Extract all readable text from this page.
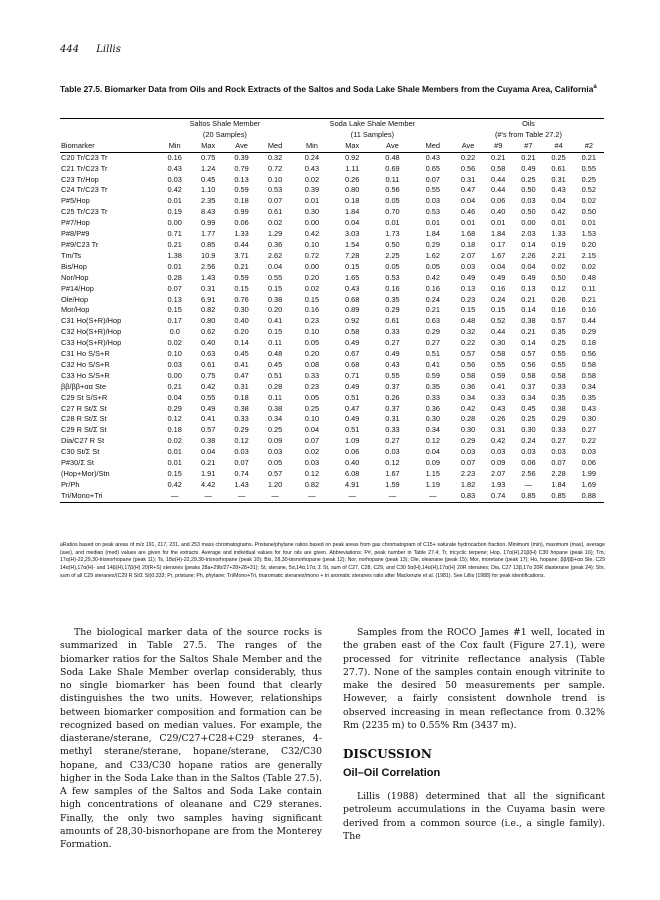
444 Lillis
Table 27.5. Biomarker Data from Oils and Rock Extracts of the Saltos and Soda Lake Shale Members from the Cuyama Area, California$^a$
	Saltos Shale Member				Soda Lake Shale Member				Oils				
	(20 Samples)				(11 Samples)				(#'s from Table 27.2)				
Biomarker	Min	Max	Ave	Med	Min	Max	Ave	Med	Ave	#9	#7	#4	#2
C20 Tr/C23 Tr	0.16	0.75	0.39	0.32	0.24	0.92	0.48	0.43	0.22	0.21	0.21	0.25	0.21
C21 Tr/C23 Tr	0.43	1.24	0.79	0.72	0.43	1.11	0.69	0.65	0.56	0.58	0.49	0.61	0.55
C23 Tr/Hop	0.03	0.45	0.13	0.10	0.02	0.26	0.11	0.07	0.31	0.44	0.25	0.31	0.25
C24 Tr/C23 Tr	0.42	1.10	0.59	0.53	0.39	0.80	0.56	0.55	0.47	0.44	0.50	0.43	0.52
P#5/Hop	0.01	2.35	0.18	0.07	0.01	0.18	0.05	0.03	0.04	0.06	0.03	0.04	0.02
C25 Tr/C23 Tr	0.19	8.43	0.99	0.61	0.30	1.84	0.70	0.53	0.46	0.40	0.50	0.42	0.50
P#7/Hop	0.00	0.99	0.06	0.02	0.00	0.04	0.01	0.01	0.01	0.01	0.00	0.01	0.01
P#8/P#9	0.71	1.77	1.33	1.29	0.42	3.03	1.73	1.84	1.68	1.84	2.03	1.33	1.53
P#9/C23 Tr	0.21	0.85	0.44	0.36	0.10	1.54	0.50	0.29	0.18	0.17	0.14	0.19	0.20
Tm/Ts	1.38	10.9	3.71	2.62	0.72	7.28	2.25	1.62	2.07	1.67	2.26	2.21	2.15
Bis/Hop	0.01	2.56	0.21	0.04	0.00	0.15	0.05	0.05	0.03	0.04	0.04	0.02	0.02
Nor/Hop	0.28	1.43	0.59	0.55	0.20	1.65	0.53	0.42	0.49	0.49	0.49	0.50	0.48
P#14/Hop	0.07	0.31	0.15	0.15	0.02	0.43	0.16	0.16	0.13	0.16	0.13	0.12	0.11
Ole/Hop	0.13	6.91	0.76	0.38	0.15	0.68	0.35	0.24	0.23	0.24	0.21	0.26	0.21
Mor/Hop	0.15	0.82	0.30	0.20	0.16	0.89	0.29	0.21	0.15	0.15	0.14	0.16	0.16
C31 Ho(S+R)/Hop	0.17	0.80	0.40	0.41	0.23	0.92	0.61	0.63	0.48	0.52	0.38	0.57	0.44
C32 Ho(S+R)/Hop	0.0	0.62	0.20	0.15	0.10	0.58	0.33	0.29	0.32	0.44	0.21	0.35	0.29
C33 Ho(S+R)/Hop	0.02	0.40	0.14	0.11	0.05	0.49	0.27	0.27	0.22	0.30	0.14	0.25	0.18
C31 Ho S/S+R	0.10	0.63	0.45	0.48	0.20	0.67	0.49	0.51	0.57	0.58	0.57	0.55	0.56
C32 Ho S/S+R	0.03	0.61	0.41	0.45	0.08	0.68	0.43	0.41	0.56	0.55	0.56	0.55	0.58
C33 Ho S/S+R	0.00	0.75	0.47	0.51	0.33	0.71	0.55	0.59	0.58	0.59	0.58	0.58	0.58
ββ/ββ+αα Ste	0.21	0.42	0.31	0.28	0.23	0.49	0.37	0.35	0.36	0.41	0.37	0.33	0.34
C29 St S/S+R	0.04	0.55	0.18	0.11	0.05	0.51	0.26	0.33	0.34	0.33	0.34	0.35	0.35
C27 R St/Σ St	0.29	0.49	0.38	0.38	0.25	0.47	0.37	0.36	0.42	0.43	0.45	0.38	0.43
C28 R St/Σ St	0.12	0.41	0.33	0.34	0.10	0.49	0.31	0.30	0.28	0.26	0.25	0.29	0.30
C29 R St/Σ St	0.18	0.57	0.29	0.25	0.04	0.51	0.33	0.34	0.30	0.31	0.30	0.33	0.27
Dia/C27 R St	0.02	0.38	0.12	0.09	0.07	1.09	0.27	0.12	0.29	0.42	0.24	0.27	0.22
C30 St/Σ St	0.01	0.04	0.03	0.03	0.02	0.06	0.03	0.04	0.03	0.03	0.03	0.03	0.03
P#30/Σ St	0.01	0.21	0.07	0.05	0.03	0.40	0.12	0.09	0.07	0.09	0.06	0.07	0.06
(Hop+Mor)/Stn	0.15	1.91	0.74	0.57	0.12	6.08	1.67	1.15	2.23	2.07	2.56	2.28	1.99
Pr/Ph	0.42	4.42	1.43	1.20	0.82	4.91	1.59	1.19	1.82	1.93	—	1.84	1.69
Tri/Mono+Tri	—	—	—	—	—	—	—	—	0.83	0.74	0.85	0.85	0.88
aRatios based on peak areas of m/z 191, 217, 231, and 253 mass chromatograms. Pristane/phytane ratios based on peak areas from gas chromatogram of C15+ saturate hydrocarbon fraction. Minimum (min), maximum (max), average (ave), and median (med) values are given for the extracts. Average and individual values for four oils are given. Abbreviations: P#, peak number in Table 27.4; Tr, tricyclic terpene; Hop, 17α(H),21β(H) C30 hopane (peak 16); Tm, 17α(H)-22,29,30-trisnorhopane (peak 11); Ts, 18α(H)-22,29,30-trisnorhopane (peak 10); Bis, 28,30-bisnorhopane (peak 12); Nor, norhopane (peak 13); Ole, oleanane (peak 15); Mor, moretane (peak 17); Ho, hopane; ββ/ββ+αα Ste, C29 14α(H),17α(H)- and 14β(H),17β(H) 20(R+S) steranes (peaks 28a+29b/27+28+28+31); St, sterane, 5α,14α,17α; Σ St, sum of C27, C28, C29, and C30 5α(H),14α(H),17α(H) 20R steranes; Dia, C27 13β,17α 20R diasterane (peak 24); Stn, sum of all C29 steranes/(C29 R St/Σ St)0.333; Pr, pristane; Ph, phytane; Tri/Mono+Tri, triaromatic steranes/mono + tri aromatic steranes ratio after Mackenzie et al. (1981). See Lillis (1988) for peak identifications.

The biological marker data of the source rocks is summarized in Table 27.5. The ranges of the biomarker ratios for the Saltos Shale Member and the Soda Lake Shale Member overlap considerably, thus no single biomarker has been found that clearly distinguishes the two units. However, relationships between biomarker composition and formation can be recognized based on median values. For example, the diasterane/sterane, C29/C27+C28+C29 steranes, 4-methyl sterane/sterane, hopane/sterane, C32/C30 hopane, and C33/C30 hopane ratios are generally higher in the Soda Lake than in the Saltos (Table 27.5). A few samples of the Saltos and Soda Lake contain high concentrations of oleanane and C29 steranes. Finally, the only two samples having significant amounts of 28,30-bisnorhopane are from the Monterey Formation.

Samples from the ROCO James #1 well, located in the graben east of the Cox fault (Figure 27.1), were processed for vitrinite reflectance analysis (Table 27.7). None of the samples contain enough vitrinite to make the desired 50 measurements per sample. However, a fairly consistent downhole trend is observed increasing in mean reflectance from 0.32% Rm (2235 m) to 0.55% Rm (3437 m).

DISCUSSION
Oil–Oil Correlation

Lillis (1988) determined that all the significant petroleum accumulations in the Cuyama basin were derived from a common source (i.e., a single family). The
